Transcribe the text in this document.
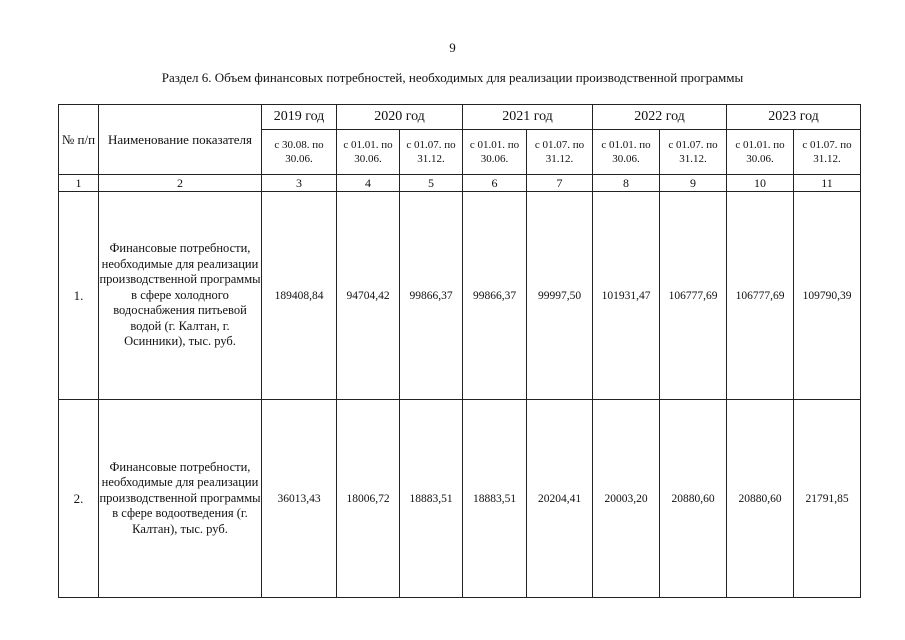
9
Раздел 6. Объем финансовых потребностей, необходимых для реализации производственной программы
№ п/п	Наименование показателя	2019 год	2020 год		2021 год		2022 год		2023 год	
		с 30.08. по 30.06.	с 01.01. по 30.06.	с 01.07. по 31.12.	с 01.01. по 30.06.	с 01.07. по 31.12.	с 01.01. по 30.06.	с 01.07. по 31.12.	с 01.01. по 30.06.	с 01.07. по 31.12.
1	2	3	4	5	6	7	8	9	10	11
1.	Финансовые потребности, необходимые для реализации производственной программы в сфере холодного водоснабжения питьевой водой (г. Калтан, г. Осинники), тыс. руб.	189408,84	94704,42	99866,37	99866,37	99997,50	101931,47	106777,69	106777,69	109790,39
2.	Финансовые потребности, необходимые для реализации производственной программы в сфере водоотведения (г. Калтан), тыс. руб.	36013,43	18006,72	18883,51	18883,51	20204,41	20003,20	20880,60	20880,60	21791,85
